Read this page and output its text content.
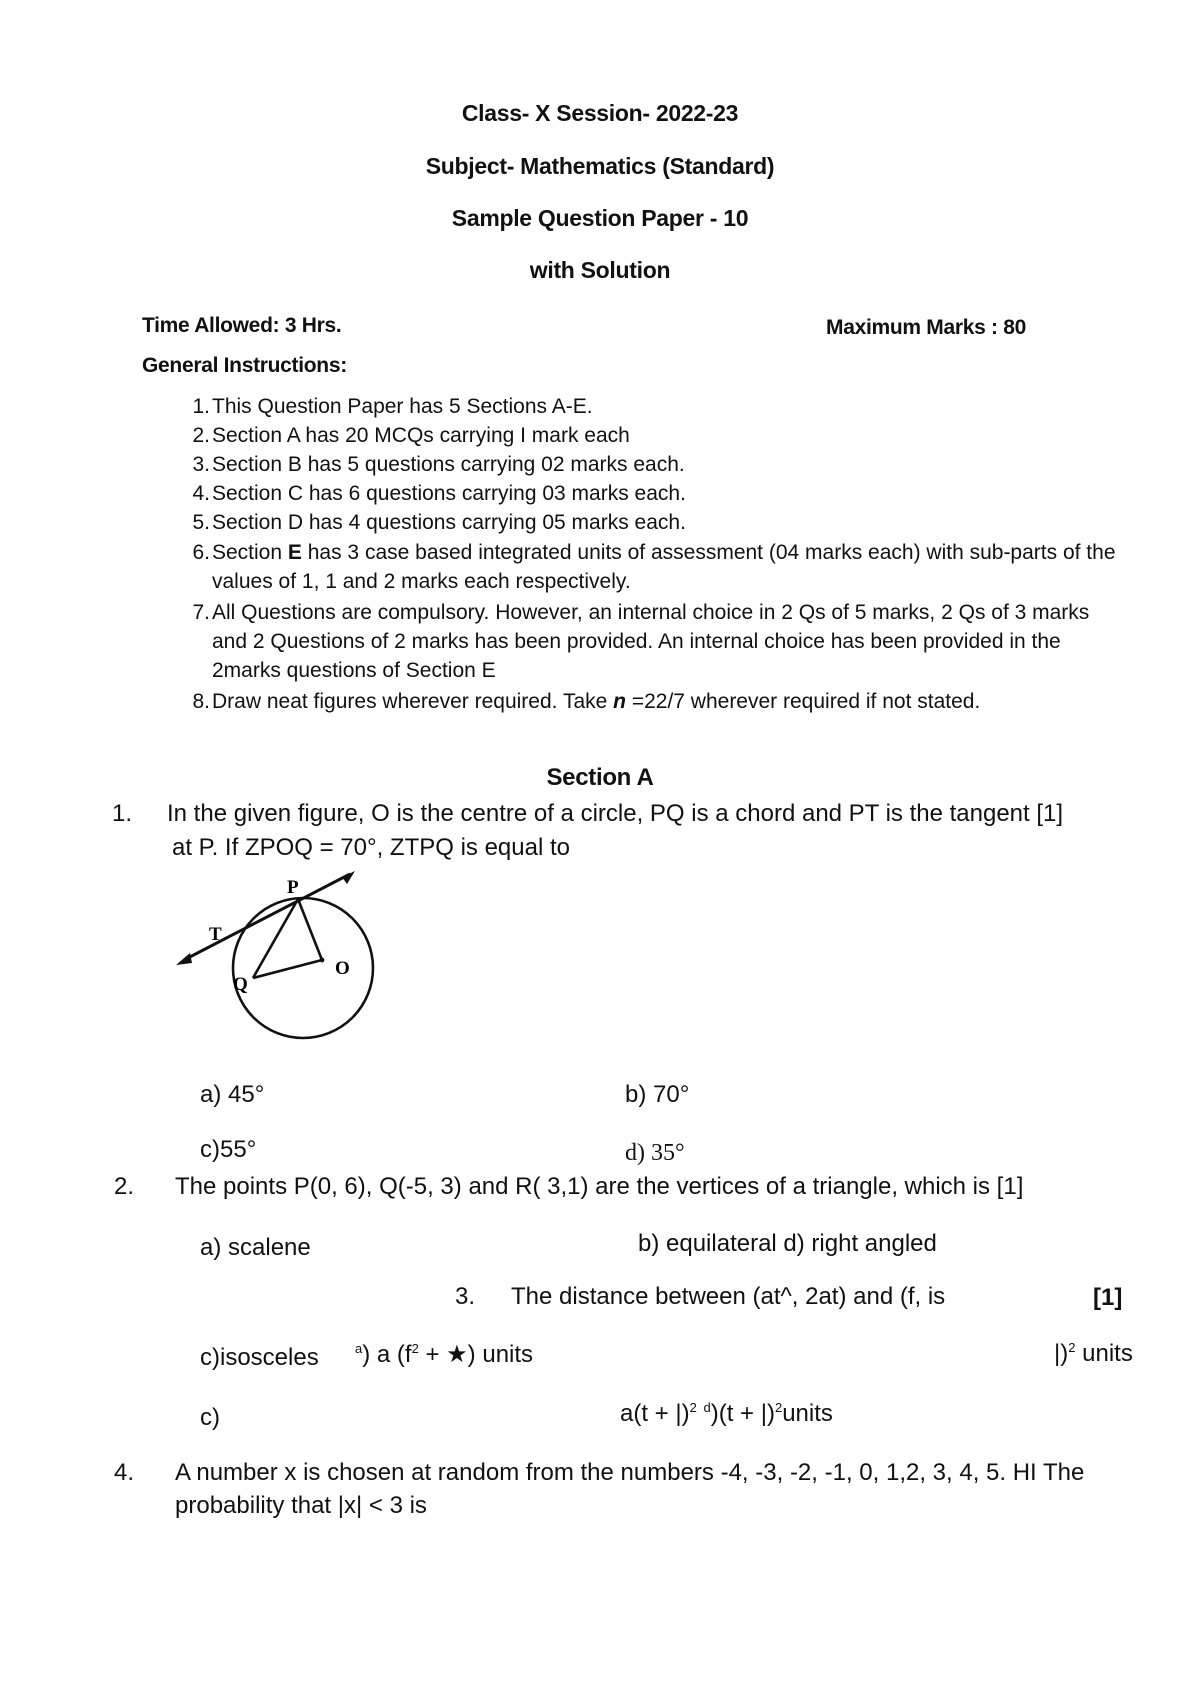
Class- X Session- 2022-23
Subject- Mathematics (Standard)
Sample Question Paper - 10
with Solution
Time Allowed: 3 Hrs.	Maximum Marks : 80
General Instructions:
1. This Question Paper has 5 Sections A-E.
2. Section A has 20 MCQs carrying I mark each
3. Section B has 5 questions carrying 02 marks each.
4. Section C has 6 questions carrying 03 marks each.
5. Section D has 4 questions carrying 05 marks each.
6. Section E has 3 case based integrated units of assessment (04 marks each) with sub-parts of the values of 1, 1 and 2 marks each respectively.
7. All Questions are compulsory. However, an internal choice in 2 Qs of 5 marks, 2 Qs of 3 marks and 2 Questions of 2 marks has been provided. An internal choice has been provided in the 2marks questions of Section E
8. Draw neat figures wherever required. Take n =22/7 wherever required if not stated.
Section A
1. In the given figure, O is the centre of a circle, PQ is a chord and PT is the tangent [1]
at P. If ZPOQ = 70°, ZTPQ is equal to
P
T
Q
O
a) 45°	b) 70°
c)55°	d) 35°
2. The points P(0, 6), Q(-5, 3) and R( 3,1) are the vertices of a triangle, which is [1]
a) scalene	b) equilateral d) right angled
3. The distance between (at^, 2at) and (f, is	[1]
c)isosceles	$^a$) a ($f^2$ + ★) units	|)$^2$ units
c)	a(t + |)$^2$ $^d$)(t + |)$^2$units
4. A number x is chosen at random from the numbers -4, -3, -2, -1, 0, 1,2, 3, 4, 5. HI The
probability that |x| < 3 is
